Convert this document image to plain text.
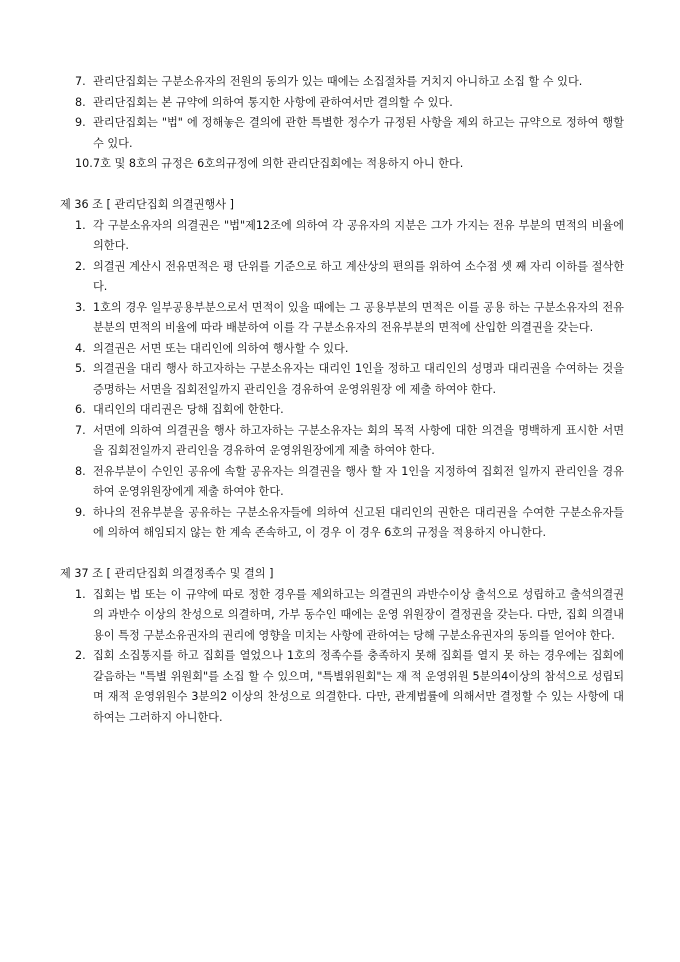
7. 관리단집회는 구분소유자의 전원의 동의가 있는 때에는 소집절차를 거치지 아니하고 소집 할 수 있다.
8. 관리단집회는 본 규약에 의하여 통지한 사항에 관하여서만 결의할 수 있다.
9. 관리단집회는 "법" 에 정해놓은 결의에 관한 특별한 정수가 규정된 사항을 제외 하고는 규약으로 정하여 행할 수 있다.
10. 7호 및 8호의 규정은 6호의규정에 의한 관리단집회에는 적용하지 아니 한다.
제 36 조 [ 관리단집회 의결권행사 ]
1. 각 구분소유자의 의결권은 "법"제12조에 의하여 각 공유자의 지분은 그가 가지는 전유 부분의 면적의 비율에 의한다.
2. 의결권 계산시 전유면적은 평 단위를 기준으로 하고 계산상의 편의를 위하여 소수점 셋 째 자리 이하를 절삭한다.
3. 1호의 경우 일부공용부분으로서 면적이 있을 때에는 그 공용부분의 면적은 이를 공용 하는 구분소유자의 전유분분의 면적의 비율에 따라 배분하여 이를 각 구분소유자의 전유부분의 면적에 산입한 의결권을 갖는다.
4. 의결권은 서면 또는 대리인에 의하여 행사할 수 있다.
5. 의결권을 대리 행사 하고자하는 구분소유자는 대리인 1인을 정하고 대리인의 성명과 대리권을 수여하는 것을 증명하는 서면을 집회전일까지 관리인을 경유하여 운영위원장 에 제출 하여야 한다.
6. 대리인의 대리권은 당해 집회에 한한다.
7. 서면에 의하여 의결권을 행사 하고자하는 구분소유자는 회의 목적 사항에 대한 의견을 명백하게 표시한 서면을 집회전일까지 관리인을 경유하여 운영위원장에게 제출 하여야 한다.
8. 전유부분이 수인인 공유에 속할 공유자는 의결권을 행사 할 자 1인을 지정하여 집회전 일까지 관리인을 경유하여 운영위원장에게 제출 하여야 한다.
9. 하나의 전유부분을 공유하는 구분소유자들에 의하여 신고된 대리인의 권한은 대리권을 수여한 구분소유자들에 의하여 해임되지 않는 한 계속 존속하고, 이 경우 이 경우 6호의 규정을 적용하지 아니한다.
제 37 조 [ 관리단집회 의결정족수 및 결의 ]
1. 집회는 법 또는 이 규약에 따로 정한 경우를 제외하고는 의결권의 과반수이상 출석으로 성립하고 출석의결권의 과반수 이상의 찬성으로 의결하며, 가부 동수인 때에는 운영 위원장이 결정권을 갖는다. 다만, 집회 의결내용이 특정 구분소유권자의 권리에 영향을 미치는 사항에 관하여는 당해 구분소유권자의 동의를 얻어야 한다.
2. 집회 소집통지를 하고 집회를 열었으나 1호의 정족수를 충족하지 못해 집회를 열지 못 하는 경우에는 집회에 갈음하는 "특별 위원회"를 소집 할 수 있으며, "특별위원회"는 재 적 운영위원 5분의4이상의 참석으로 성립되며 재적 운영위원수 3분의2 이상의 찬성으로 의결한다. 다만, 관계법률에 의해서만 결정할 수 있는 사항에 대하여는 그러하지 아니한다.
